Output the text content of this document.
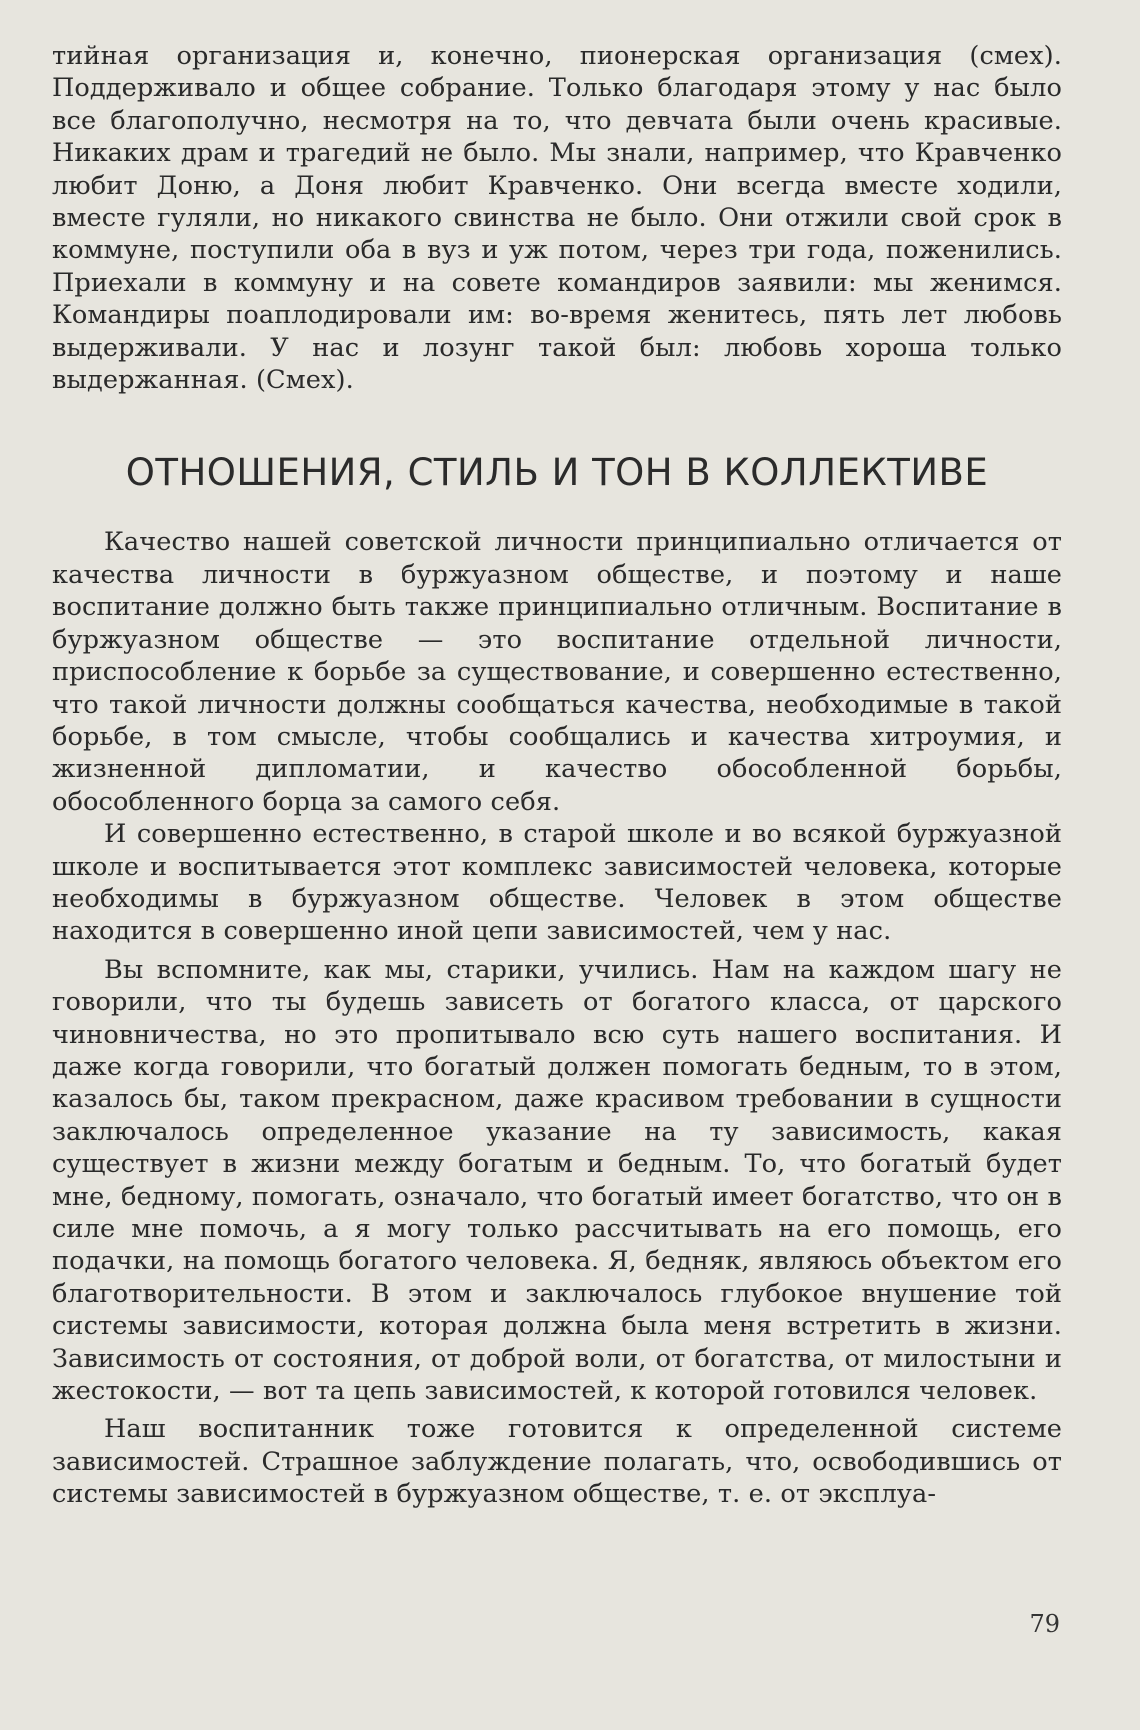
тийная организация и, конечно, пионерская организация (смех). Поддерживало и общее собрание. Только благодаря этому у нас было все благополучно, несмотря на то, что девчата были очень красивые. Никаких драм и трагедий не было. Мы знали, например, что Кравченко любит Доню, а Доня любит Кравченко. Они всегда вместе ходили, вместе гуляли, но никакого свинства не было. Они отжили свой срок в коммуне, поступили оба в вуз и уж потом, через три года, поженились. Приехали в коммуну и на совете командиров заявили: мы женимся. Командиры поаплодировали им: во-время женитесь, пять лет любовь выдерживали. У нас и лозунг такой был: любовь хороша только выдержанная. (Смех).

ОТНОШЕНИЯ, СТИЛЬ И ТОН В КОЛЛЕКТИВЕ

Качество нашей советской личности принципиально отличается от качества личности в буржуазном обществе, и поэтому и наше воспитание должно быть также принципиально отличным. Воспитание в буржуазном обществе — это воспитание отдельной личности, приспособление к борьбе за существование, и совершенно естественно, что такой личности должны сообщаться качества, необходимые в такой борьбе, в том смысле, чтобы сообщались и качества хитроумия, и жизненной дипломатии, и качество обособленной борьбы, обособленного борца за самого себя.

И совершенно естественно, в старой школе и во всякой буржуазной школе и воспитывается этот комплекс зависимостей человека, которые необходимы в буржуазном обществе. Человек в этом обществе находится в совершенно иной цепи зависимостей, чем у нас.

Вы вспомните, как мы, старики, учились. Нам на каждом шагу не говорили, что ты будешь зависеть от богатого класса, от царского чиновничества, но это пропитывало всю суть нашего воспитания. И даже когда говорили, что богатый должен помогать бедным, то в этом, казалось бы, таком прекрасном, даже красивом требовании в сущности заключалось определенное указание на ту зависимость, какая существует в жизни между богатым и бедным. То, что богатый будет мне, бедному, помогать, означало, что богатый имеет богатство, что он в силе мне помочь, а я могу только рассчитывать на его помощь, его подачки, на помощь богатого человека. Я, бедняк, являюсь объектом его благотворительности. В этом и заключалось глубокое внушение той системы зависимости, которая должна была меня встретить в жизни. Зависимость от состояния, от доброй воли, от богатства, от милостыни и жестокости, — вот та цепь зависимостей, к которой готовился человек.

Наш воспитанник тоже готовится к определенной системе зависимостей. Страшное заблуждение полагать, что, освободившись от системы зависимостей в буржуазном обществе, т. е. от эксплуа-

79
